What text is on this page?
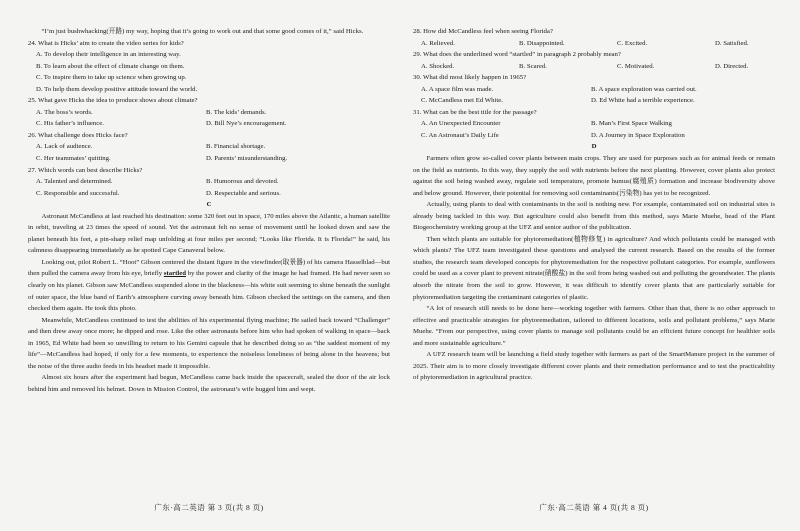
“I’m just bushwhacking(开路) my way, hoping that it’s going to work out and that some good comes of it,” said Hicks.

24. What is Hicks’ aim to create the video series for kids?

A. To develop their intelligence in an interesting way.

B. To learn about the effect of climate change on them.

C. To inspire them to take up science when growing up.

D. To help them develop positive attitude toward the world.

25. What gave Hicks the idea to produce shows about climate?

A. The boss’s words.	B. The kids’ demands.
C. His father’s influence.	D. Bill Nye’s encouragement.

26. What challenge does Hicks face?

A. Lack of audience.	B. Financial shortage.
C. Her teammates’ quitting.	D. Parents’ misunderstanding.

27. Which words can best describe Hicks?

A. Talented and determined.	B. Humorous and devoted.
C. Responsible and successful.	D. Respectable and serious.

C

Astronaut McCandless at last reached his destination: some 320 feet out in space, 170 miles above the Atlantic, a human satellite in orbit, traveling at 23 times the speed of sound. Yet the astronaut felt no sense of movement until he looked down and saw the planet beneath his feet, a pin-sharp relief map unfolding at four miles per second; “Looks like Florida. It is Florida!” he said, his calmness disappearing immediately as he spotted Cape Canaveral below.

Looking out, pilot Robert L. “Hoot” Gibson centered the distant figure in the viewfinder(取景器) of his camera Hasselblad—but then pulled the camera away from his eye, briefly startled by the power and clarity of the image he had framed. He had never seen so clearly on his planet. Gibson saw McCandless suspended alone in the blackness—his white suit seeming to shine beneath the sunlight of outer space, the blue band of Earth’s atmosphere curving away beneath him. Gibson checked the settings on the camera, and then checked them again. He took this photo.

Meanwhile, McCandless continued to test the abilities of his experimental flying machine; He sailed back toward “Challenger” and then drew away once more; he dipped and rose. Like the other astronauts before him who had spoken of walking in space—back in 1965, Ed White had been so unwilling to return to his Gemini capsule that he described doing so as “the saddest moment of my life”—McCandless had hoped, if only for a few moments, to experience the noiseless loneliness of being alone in the heavens; but the noise of the three audio feeds in his headset made it impossible.

Almost six hours after the experiment had begun, McCandless came back inside the spacecraft, sealed the door of the air lock behind him and removed his helmet. Down in Mission Control, the astronaut’s wife hugged him and wept.

广东·高二英语 第 3 页(共 8 页)

28. How did McCandless feel when seeing Florida?

A. Relieved.	B. Disappointed.	C. Excited.	D. Satisfied.

29. What does the underlined word “startled” in paragraph 2 probably mean?

A. Shocked.	B. Scared.	C. Motivated.	D. Directed.

30. What did most likely happen in 1965?

A. A space film was made.	B. A space exploration was carried out.
C. McCandless met Ed White.	D. Ed White had a terrible experience.

31. What can be the best title for the passage?

A. An Unexpected Encounter	B. Man’s First Space Walking
C. An Astronaut’s Daily Life	D. A Journey in Space Exploration

D

Farmers often grow so-called cover plants between main crops. They are used for purposes such as for animal feeds or remain on the field as nutrients. In this way, they supply the soil with nutrients before the next planting. However, cover plants also protect against the soil being washed away, regulate soil temperature, promote humus(腐殖质) formation and increase biodiversity above and below ground. However, their potential for removing soil contaminants(污染物) has yet to be recognized.

Actually, using plants to deal with contaminants in the soil is nothing new. For example, contaminated soil on industrial sites is already being tackled in this way. But agriculture could also benefit from this method, says Marie Muehe, head of the Plant Biogeochemistry working group at the UFZ and senior author of the publication.

Then which plants are suitable for phytoremediation(植物修复) in agriculture? And which pollutants could be managed with which plants? The UFZ team investigated these questions and analysed the current research. Based on the results of the former studies, the research team developed concepts for phytoremediation for the respective pollutant categories. For example, sunflowers could be used as a cover plant to prevent nitrate(硝酸盐) in the soil from being washed out and polluting the groundwater. The plants absorb the nitrate from the soil to grow. However, it was difficult to identify cover plants that are particularly suitable for phytoremediation targeting the contaminant categories of plastic.

“A lot of research still needs to be done here—working together with farmers. Other than that, there is no other approach to effective and practicable strategies for phytoremediation, tailored to different locations, soils and pollutant problems,” says Marie Muehe. “From our perspective, using cover plants to manage soil pollutants could be an efficient future concept for healthier soils and more sustainable agriculture.”

A UFZ research team will be launching a field study together with farmers as part of the SmartManure project in the summer of 2025. Their aim is to more closely investigate different cover plants and their remediation performance and to test the practicability of phytoremediation in agricultural practice.

广东·高二英语 第 4 页(共 8 页)
